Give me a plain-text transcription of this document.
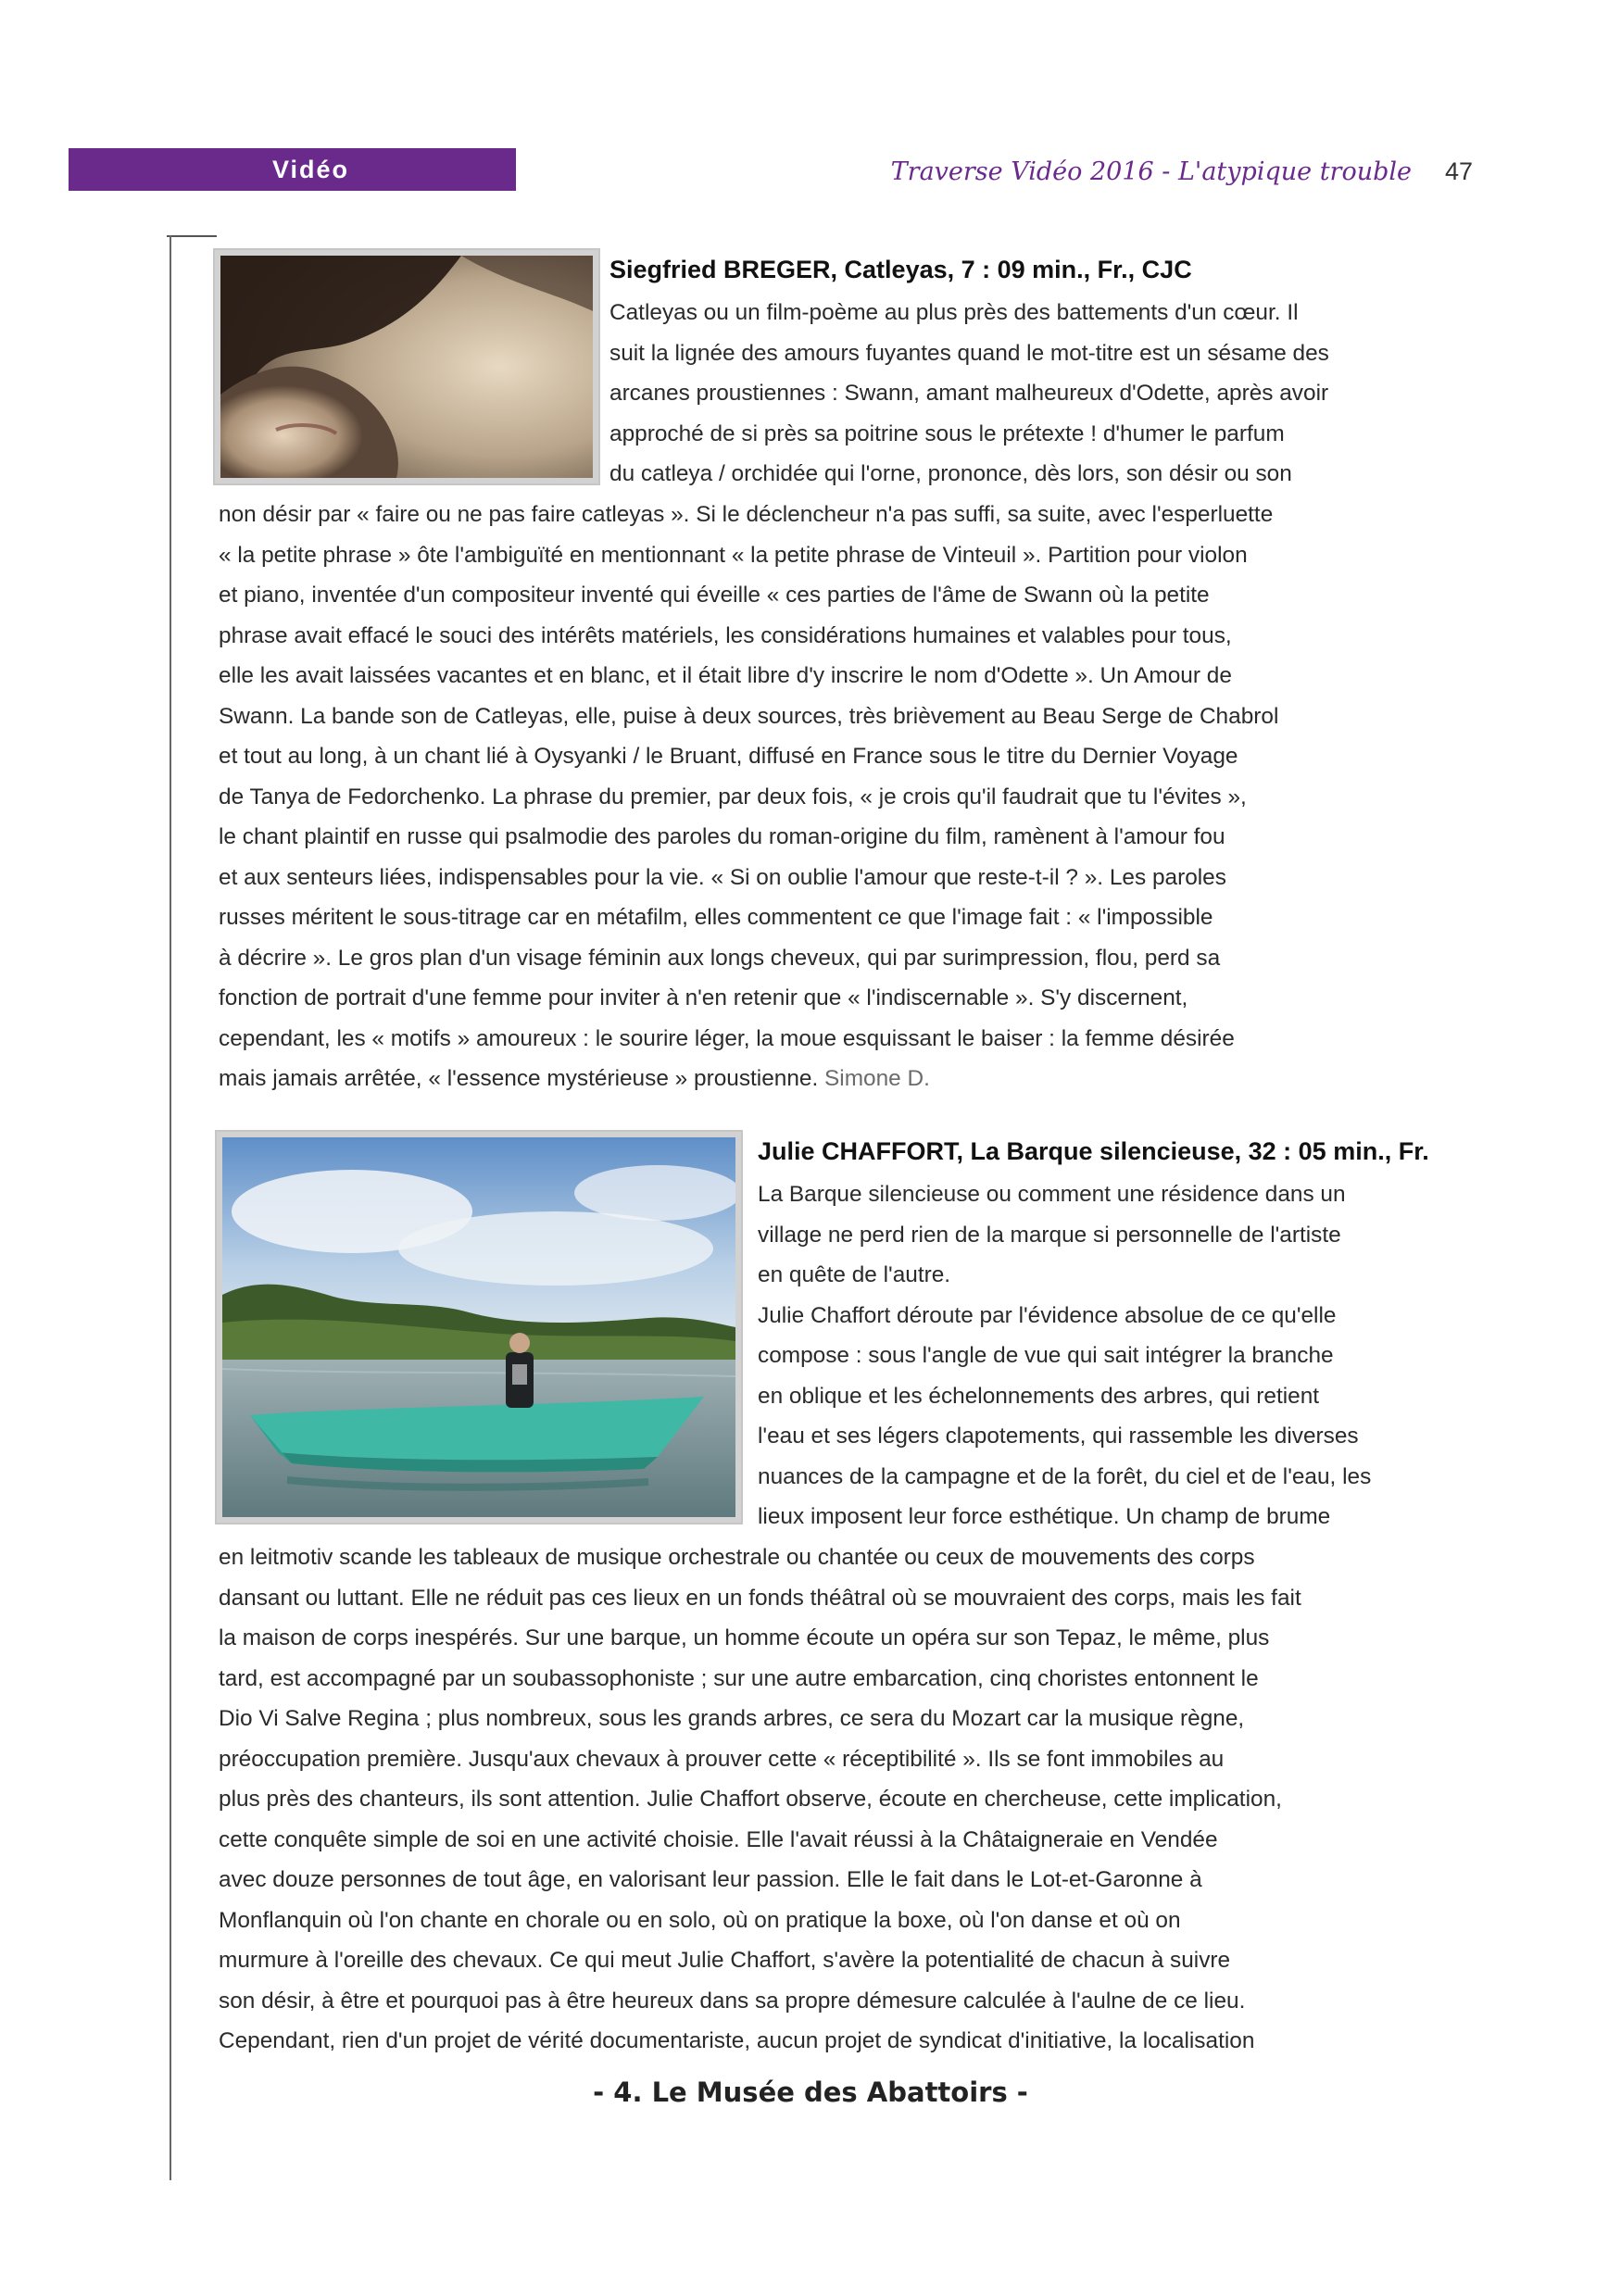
Vidéo	Traverse Vidéo 2016 - L'atypique trouble 47
Siegfried BREGER, Catleyas, 7 : 09 min., Fr., CJC
Catleyas ou un film-poème au plus près des battements d'un cœur. Il
suit la lignée des amours fuyantes quand le mot-titre est un sésame des
arcanes proustiennes : Swann, amant malheureux d'Odette, après avoir
approché de si près sa poitrine sous le prétexte ! d'humer le parfum
du catleya / orchidée qui l'orne, prononce, dès lors, son désir ou son
non désir par « faire ou ne pas faire catleyas ». Si le déclencheur n'a pas suffi, sa suite, avec l'esperluette
« la petite phrase » ôte l'ambiguïté en mentionnant « la petite phrase de Vinteuil ». Partition pour violon
et piano, inventée d'un compositeur inventé qui éveille « ces parties de l'âme de Swann où la petite
phrase avait effacé le souci des intérêts matériels, les considérations humaines et valables pour tous,
elle les avait laissées vacantes et en blanc, et il était libre d'y inscrire le nom d'Odette ». Un Amour de
Swann. La bande son de Catleyas, elle, puise à deux sources, très brièvement au Beau Serge de Chabrol
et tout au long, à un chant lié à Oysyanki / le Bruant, diffusé en France sous le titre du Dernier Voyage
de Tanya de Fedorchenko. La phrase du premier, par deux fois, « je crois qu'il faudrait que tu l'évites »,
le chant plaintif en russe qui psalmodie des paroles du roman-origine du film, ramènent à l'amour fou
et aux senteurs liées, indispensables pour la vie. « Si on oublie l'amour que reste-t-il ? ». Les paroles
russes méritent le sous-titrage car en métafilm, elles commentent ce que l'image fait : « l'impossible
à décrire ». Le gros plan d'un visage féminin aux longs cheveux, qui par surimpression, flou, perd sa
fonction de portrait d'une femme pour inviter à n'en retenir que « l'indiscernable ». S'y discernent,
cependant, les « motifs » amoureux : le sourire léger, la moue esquissant le baiser : la femme désirée
mais jamais arrêtée, « l'essence mystérieuse » proustienne. Simone D.
Julie CHAFFORT, La Barque silencieuse, 32 : 05 min., Fr.
La Barque silencieuse ou comment une résidence dans un
village ne perd rien de la marque si personnelle de l'artiste
en quête de l'autre.
Julie Chaffort déroute par l'évidence absolue de ce qu'elle
compose : sous l'angle de vue qui sait intégrer la branche
en oblique et les échelonnements des arbres, qui retient
l'eau et ses légers clapotements, qui rassemble les diverses
nuances de la campagne et de la forêt, du ciel et de l'eau, les
lieux imposent leur force esthétique. Un champ de brume
en leitmotiv scande les tableaux de musique orchestrale ou chantée ou ceux de mouvements des corps
dansant ou luttant. Elle ne réduit pas ces lieux en un fonds théâtral où se mouvraient des corps, mais les fait
la maison de corps inespérés. Sur une barque, un homme écoute un opéra sur son Tepaz, le même, plus
tard, est accompagné par un soubassophoniste ; sur une autre embarcation, cinq choristes entonnent le
Dio Vi Salve Regina ; plus nombreux, sous les grands arbres, ce sera du Mozart car la musique règne,
préoccupation première. Jusqu'aux chevaux à prouver cette « réceptibilité ». Ils se font immobiles au
plus près des chanteurs, ils sont attention. Julie Chaffort observe, écoute en chercheuse, cette implication,
cette conquête simple de soi en une activité choisie. Elle l'avait réussi à la Châtaigneraie en Vendée
avec douze personnes de tout âge, en valorisant leur passion. Elle le fait dans le Lot-et-Garonne à
Monflanquin où l'on chante en chorale ou en solo, où on pratique la boxe, où l'on danse et où on
murmure à l'oreille des chevaux. Ce qui meut Julie Chaffort, s'avère la potentialité de chacun à suivre
son désir, à être et pourquoi pas à être heureux dans sa propre démesure calculée à l'aulne de ce lieu.
Cependant, rien d'un projet de vérité documentariste, aucun projet de syndicat d'initiative, la localisation
- 4. Le Musée des Abattoirs -
